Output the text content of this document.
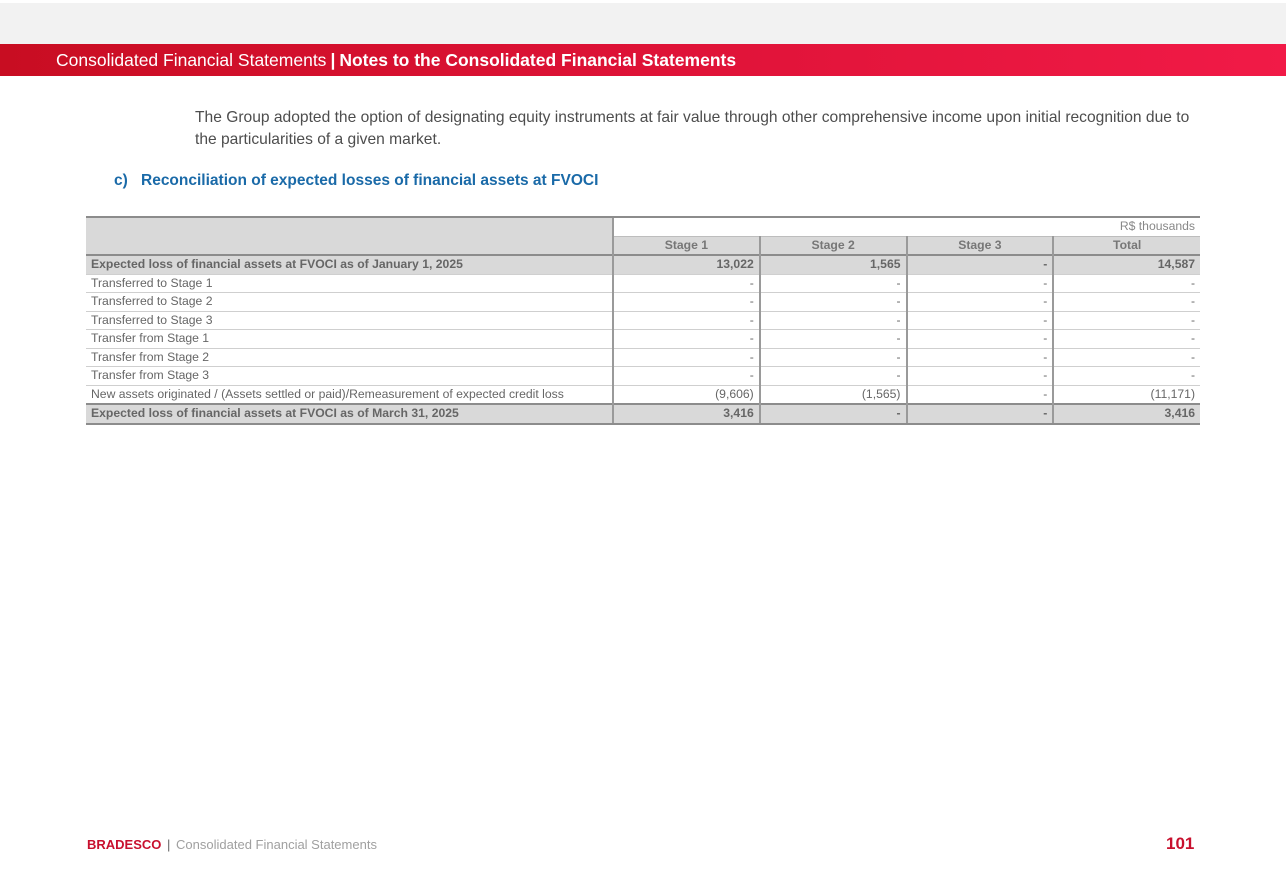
Consolidated Financial Statements | Notes to the Consolidated Financial Statements
The Group adopted the option of designating equity instruments at fair value through other comprehensive income upon initial recognition due to the particularities of a given market.
c) Reconciliation of expected losses of financial assets at FVOCI
	R$ thousands			
	Stage 1	Stage 2	Stage 3	Total
Expected loss of financial assets at FVOCI as of January 1, 2025	13,022	1,565	-	14,587
Transferred to Stage 1	-	-	-	-
Transferred to Stage 2	-	-	-	-
Transferred to Stage 3	-	-	-	-
Transfer from Stage 1	-	-	-	-
Transfer from Stage 2	-	-	-	-
Transfer from Stage 3	-	-	-	-
New assets originated / (Assets settled or paid)/Remeasurement of expected credit loss	(9,606)	(1,565)	-	(11,171)
Expected loss of financial assets at FVOCI as of March 31, 2025	3,416	-	-	3,416
BRADESCO | Consolidated Financial Statements	101
